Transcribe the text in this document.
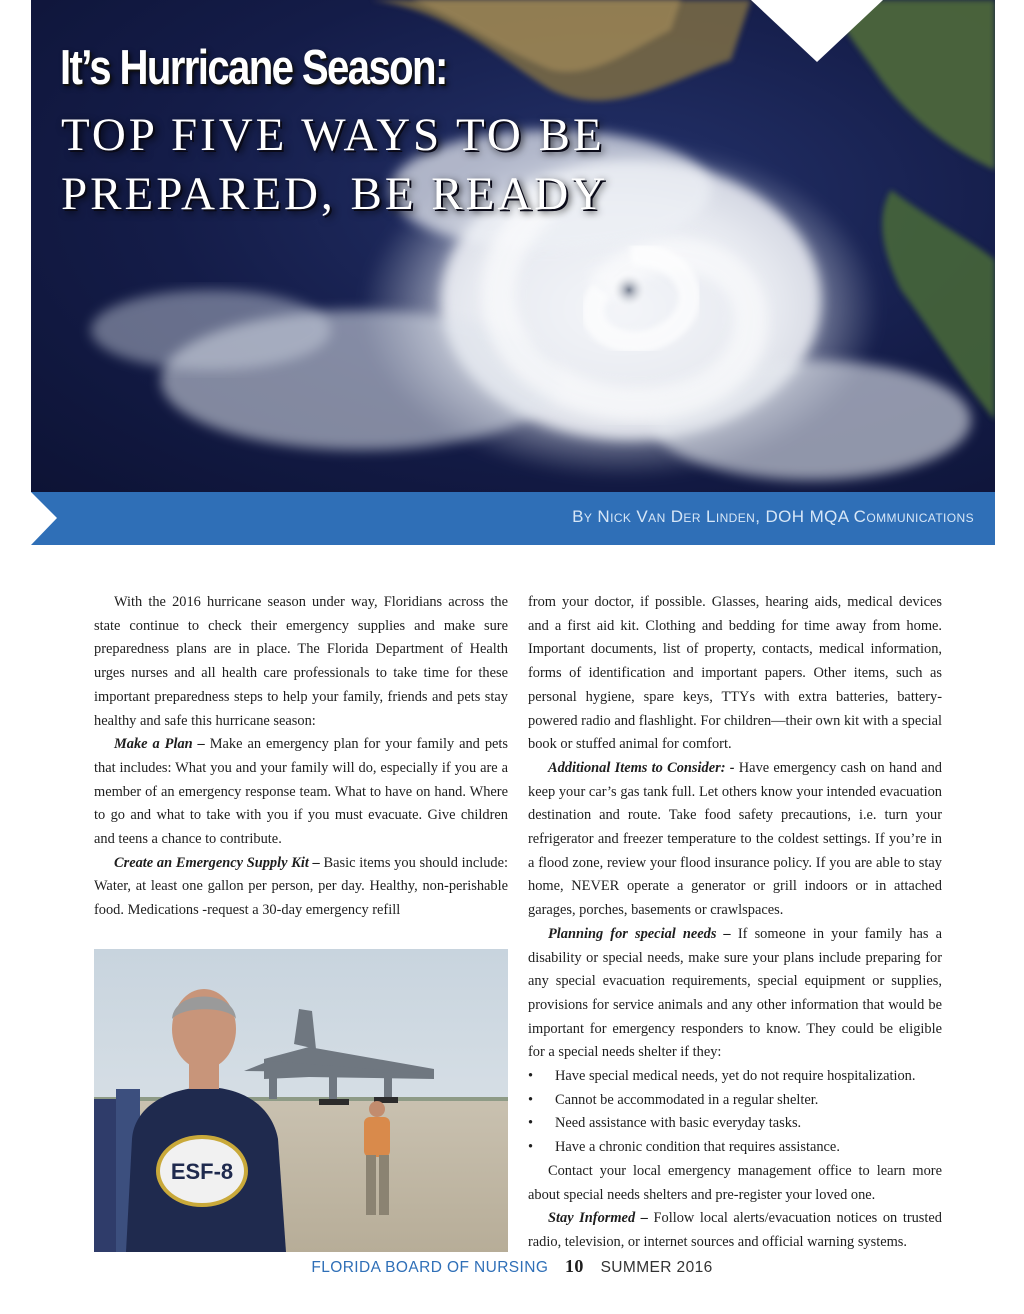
It’s Hurricane Season:
TOP FIVE WAYS TO BE PREPARED, BE READY
By Nick Van Der Linden, DOH MQA Communications

With the 2016 hurricane season under way, Floridians across the state continue to check their emergency supplies and make sure preparedness plans are in place. The Florida Department of Health urges nurses and all health care professionals to take time for these important preparedness steps to help your family, friends and pets stay healthy and safe this hurricane season:

Make a Plan – Make an emergency plan for your family and pets that includes: What you and your family will do, especially if you are a member of an emergency response team. What to have on hand. Where to go and what to take with you if you must evacuate. Give children and teens a chance to contribute.

Create an Emergency Supply Kit – Basic items you should include: Water, at least one gallon per person, per day. Healthy, non-perishable food. Medications -request a 30-day emergency refill

ESF-8

from your doctor, if possible. Glasses, hearing aids, medical devices and a first aid kit. Clothing and bedding for time away from home. Important documents, list of property, contacts, medical information, forms of identification and important papers. Other items, such as personal hygiene, spare keys, TTYs with extra batteries, battery-powered radio and flashlight. For children—their own kit with a special book or stuffed animal for comfort.

Additional Items to Consider: - Have emergency cash on hand and keep your car’s gas tank full. Let others know your intended evacuation destination and route. Take food safety precautions, i.e. turn your refrigerator and freezer temperature to the coldest settings. If you’re in a flood zone, review your flood insurance policy. If you are able to stay home, NEVER operate a generator or grill indoors or in attached garages, porches, basements or crawlspaces.

Planning for special needs – If someone in your family has a disability or special needs, make sure your plans include preparing for any special evacuation requirements, special equipment or supplies, provisions for service animals and any other information that would be important for emergency responders to know. They could be eligible for a special needs shelter if they:

• Have special medical needs, yet do not require hospitalization.
• Cannot be accommodated in a regular shelter.
• Need assistance with basic everyday tasks.
• Have a chronic condition that requires assistance.

Contact your local emergency management office to learn more about special needs shelters and pre-register your loved one.

Stay Informed – Follow local alerts/evacuation notices on trusted radio, television, or internet sources and official warning systems.

FLORIDA BOARD OF NURSING 10 SUMMER 2016
